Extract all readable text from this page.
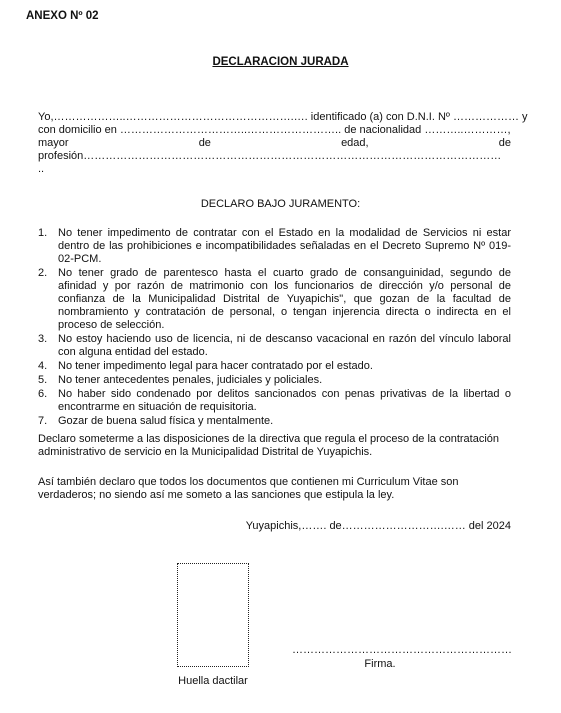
ANEXO Nº 02
DECLARACION JURADA
Yo,………………..……………………………………….…. identificado (a) con D.N.I. Nº ……………… y
con domicilio en ……………………………..…………………….. de nacionalidad ………..…………,
mayor	de	edad,	de
profesión……………………………………………………………………………………………………
..
DECLARO BAJO JURAMENTO:
1. No tener impedimento de contratar con el Estado en la modalidad de Servicios ni estar dentro de las prohibiciones e incompatibilidades señaladas en el Decreto Supremo Nº 019-02-PCM.
2. No tener grado de parentesco hasta el cuarto grado de consanguinidad, segundo de afinidad y por razón de matrimonio con los funcionarios de dirección y/o personal de confianza de la Municipalidad Distrital de Yuyapichis", que gozan de la facultad de nombramiento y contratación de personal, o tengan injerencia directa o indirecta en el proceso de selección.
3. No estoy haciendo uso de licencia, ni de descanso vacacional en razón del vínculo laboral con alguna entidad del estado.
4. No tener impedimento legal para hacer contratado por el estado.
5. No tener antecedentes penales, judiciales y policiales.
6. No haber sido condenado por delitos sancionados con penas privativas de la libertad o encontrarme en situación de requisitoria.
7. Gozar de buena salud física y mentalmente.
Declaro someterme a las disposiciones de la directiva que regula el proceso de la contratación administrativo de servicio en la Municipalidad Distrital de Yuyapichis.
Así también declaro que todos los documentos que contienen mi Curriculum Vitae son verdaderos; no siendo así me someto a las sanciones que estipula la ley.
Yuyapichis,……. de……………………….…… del 2024
Huella dactilar
……………………………………………………
Firma.
